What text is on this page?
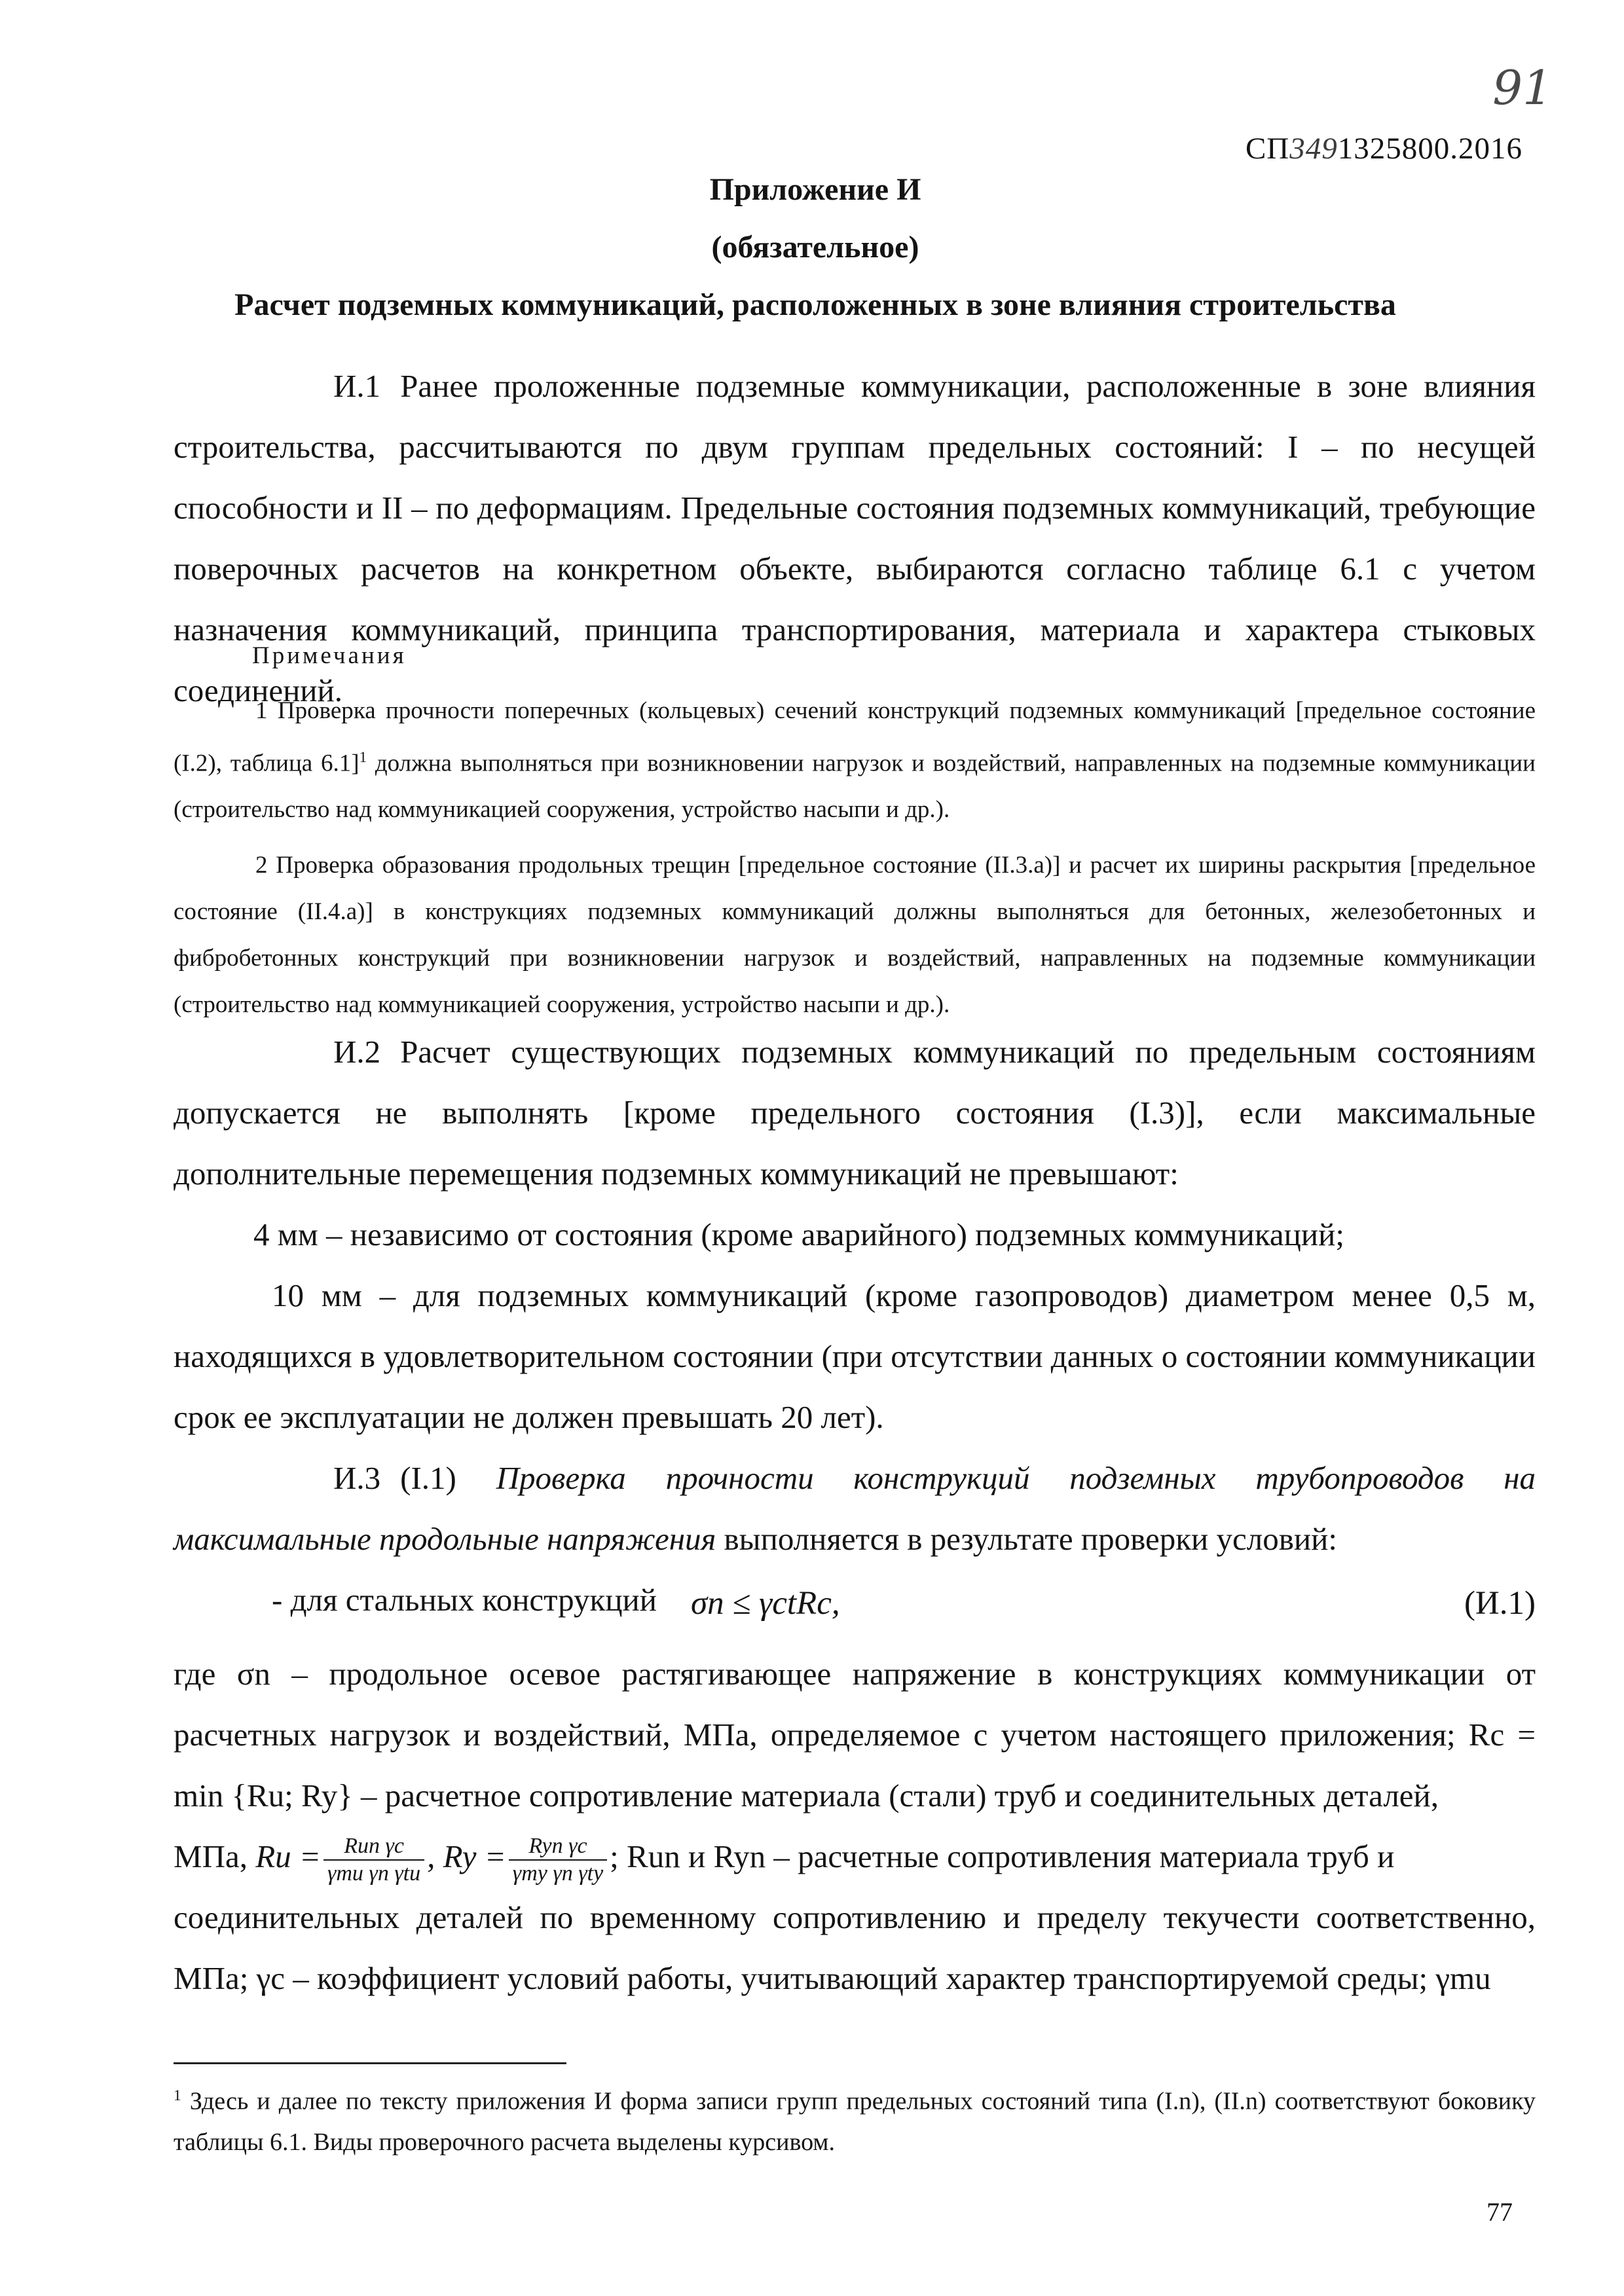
91
СП3491325800.2016
Приложение И
(обязательное)
Расчет подземных коммуникаций, расположенных в зоне влияния строительства

И.1 Ранее проложенные подземные коммуникации, расположенные в зоне влияния строительства, рассчитываются по двум группам предельных состояний: I – по несущей способности и II – по деформациям. Предельные состояния подземных коммуникаций, требующие поверочных расчетов на конкретном объекте, выбираются согласно таблице 6.1 с учетом назначения коммуникаций, принципа транспортирования, материала и характера стыковых соединений.

Примечания

1 Проверка прочности поперечных (кольцевых) сечений конструкций подземных коммуникаций [предельное состояние (I.2), таблица 6.1]$^1$ должна выполняться при возникновении нагрузок и воздействий, направленных на подземные коммуникации (строительство над коммуникацией сооружения, устройство насыпи и др.).

2 Проверка образования продольных трещин [предельное состояние (II.3.а)] и расчет их ширины раскрытия [предельное состояние (II.4.а)] в конструкциях подземных коммуникаций должны выполняться для бетонных, железобетонных и фибробетонных конструкций при возникновении нагрузок и воздействий, направленных на подземные коммуникации (строительство над коммуникацией сооружения, устройство насыпи и др.).

И.2 Расчет существующих подземных коммуникаций по предельным состояниям допускается не выполнять [кроме предельного состояния (I.3)], если максимальные дополнительные перемещения подземных коммуникаций не превышают:

4 мм – независимо от состояния (кроме аварийного) подземных коммуникаций;

10 мм – для подземных коммуникаций (кроме газопроводов) диаметром менее 0,5 м, находящихся в удовлетворительном состоянии (при отсутствии данных о состоянии коммуникации срок ее эксплуатации не должен превышать 20 лет).

И.3 (I.1) Проверка прочности конструкций подземных трубопроводов на максимальные продольные напряжения выполняется в результате проверки условий:

- для стальных конструкций	σп ≤ γctRc,	(И.1)

где σn – продольное осевое растягивающее напряжение в конструкциях коммуникации от расчетных нагрузок и воздействий, МПа, определяемое с учетом настоящего приложения; Rc = min {Ru; Ry} – расчетное сопротивление материала (стали) труб и соединительных деталей,

МПа, $Ru = \frac{\text{Run γc}}{\text{γmu γn γtu}}$ , $Ry = \frac{\text{Ryn γc}}{\text{γmy γn γty}}$ ; Run и Ryn – расчетные сопротивления материала труб и

соединительных деталей по временному сопротивлению и пределу текучести соответственно, МПа; γc – коэффициент условий работы, учитывающий характер транспортируемой среды; γmu

$^1$ Здесь и далее по тексту приложения И форма записи групп предельных состояний типа (I.n), (II.n) соответствуют боковику таблицы 6.1. Виды проверочного расчета выделены курсивом.
77
